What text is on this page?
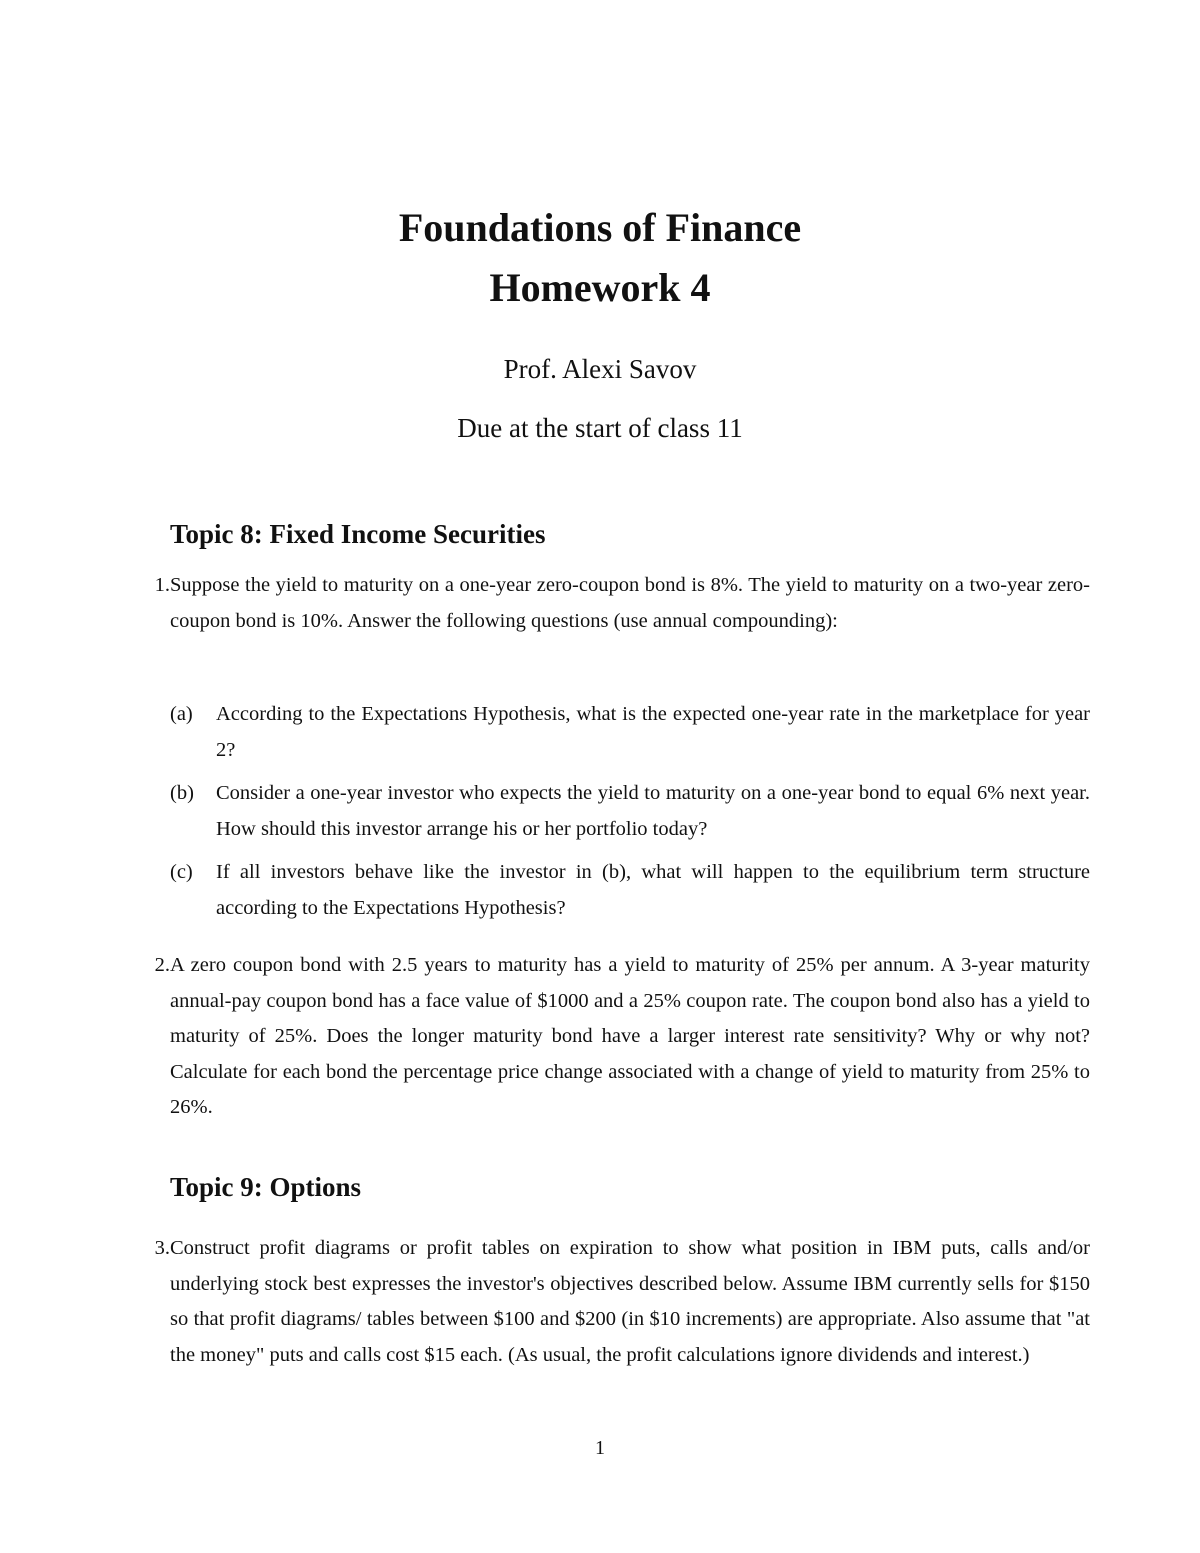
Foundations of Finance

Homework 4

Prof. Alexi Savov

Due at the start of class 11

Topic 8: Fixed Income Securities

1. Suppose the yield to maturity on a one-year zero-coupon bond is 8%. The yield to maturity on a two-year zero-coupon bond is 10%. Answer the following questions (use annual compounding):
(a)	According to the Expectations Hypothesis, what is the expected one-year rate in the marketplace for year 2?
(b)	Consider a one-year investor who expects the yield to maturity on a one-year bond to equal 6% next year. How should this investor arrange his or her portfolio today?
(c)	If all investors behave like the investor in (b), what will happen to the equilibrium term structure according to the Expectations Hypothesis?
2. A zero coupon bond with 2.5 years to maturity has a yield to maturity of 25% per annum. A 3-year maturity annual-pay coupon bond has a face value of $1000 and a 25% coupon rate. The coupon bond also has a yield to maturity of 25%. Does the longer maturity bond have a larger interest rate sensitivity? Why or why not? Calculate for each bond the percentage price change associated with a change of yield to maturity from 25% to 26%.

Topic 9: Options

3. Construct profit diagrams or profit tables on expiration to show what position in IBM puts, calls and/or underlying stock best expresses the investor's objectives described below. Assume IBM currently sells for $150 so that profit diagrams/ tables between $100 and $200 (in $10 increments) are appropriate. Also assume that "at the money" puts and calls cost $15 each. (As usual, the profit calculations ignore dividends and interest.)
1
